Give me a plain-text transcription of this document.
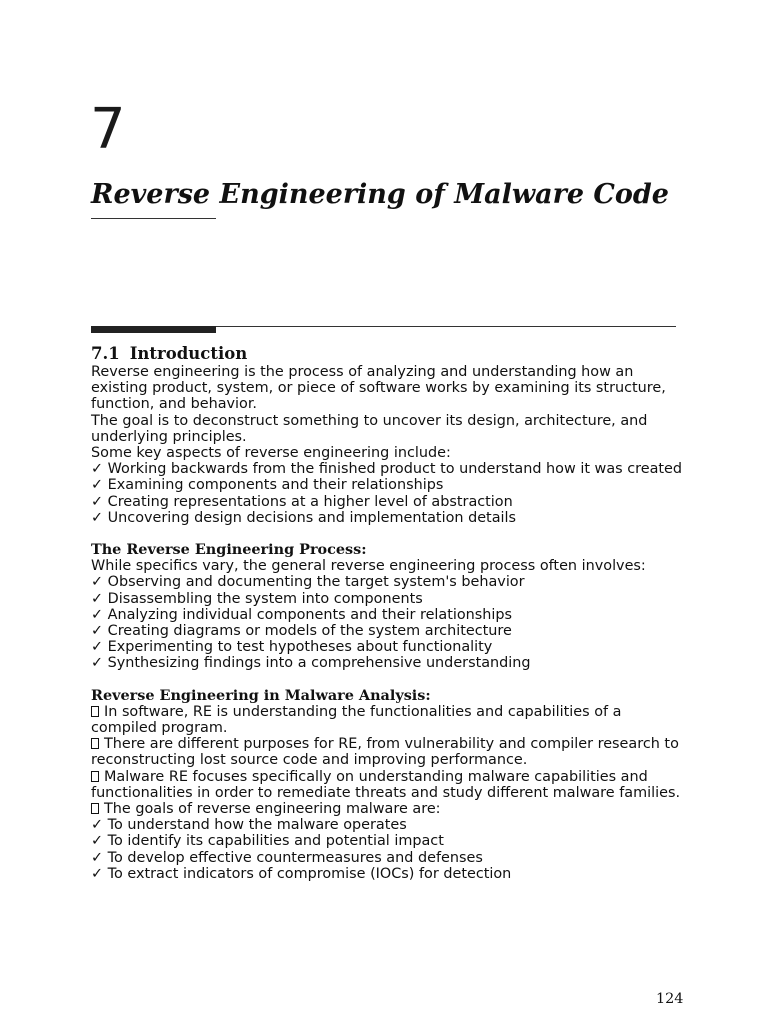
7
Reverse Engineering of Malware Code
7.1 Introduction

Reverse engineering is the process of analyzing and understanding how an existing product, system, or piece of software works by examining its structure, function, and behavior.

The goal is to deconstruct something to uncover its design, architecture, and underlying principles.

Some key aspects of reverse engineering include:

✓ Working backwards from the finished product to understand how it was created
✓ Examining components and their relationships
✓ Creating representations at a higher level of abstraction
✓ Uncovering design decisions and implementation details

The Reverse Engineering Process:

While specifics vary, the general reverse engineering process often involves:

✓ Observing and documenting the target system's behavior
✓ Disassembling the system into components
✓ Analyzing individual components and their relationships
✓ Creating diagrams or models of the system architecture
✓ Experimenting to test hypotheses about functionality
✓ Synthesizing findings into a comprehensive understanding

Reverse Engineering in Malware Analysis:

In software, RE is understanding the functionalities and capabilities of a compiled program.

There are different purposes for RE, from vulnerability and compiler research to reconstructing lost source code and improving performance.

Malware RE focuses specifically on understanding malware capabilities and functionalities in order to remediate threats and study different malware families.

The goals of reverse engineering malware are:

✓ To understand how the malware operates
✓ To identify its capabilities and potential impact
✓ To develop effective countermeasures and defenses
✓ To extract indicators of compromise (IOCs) for detection
124
